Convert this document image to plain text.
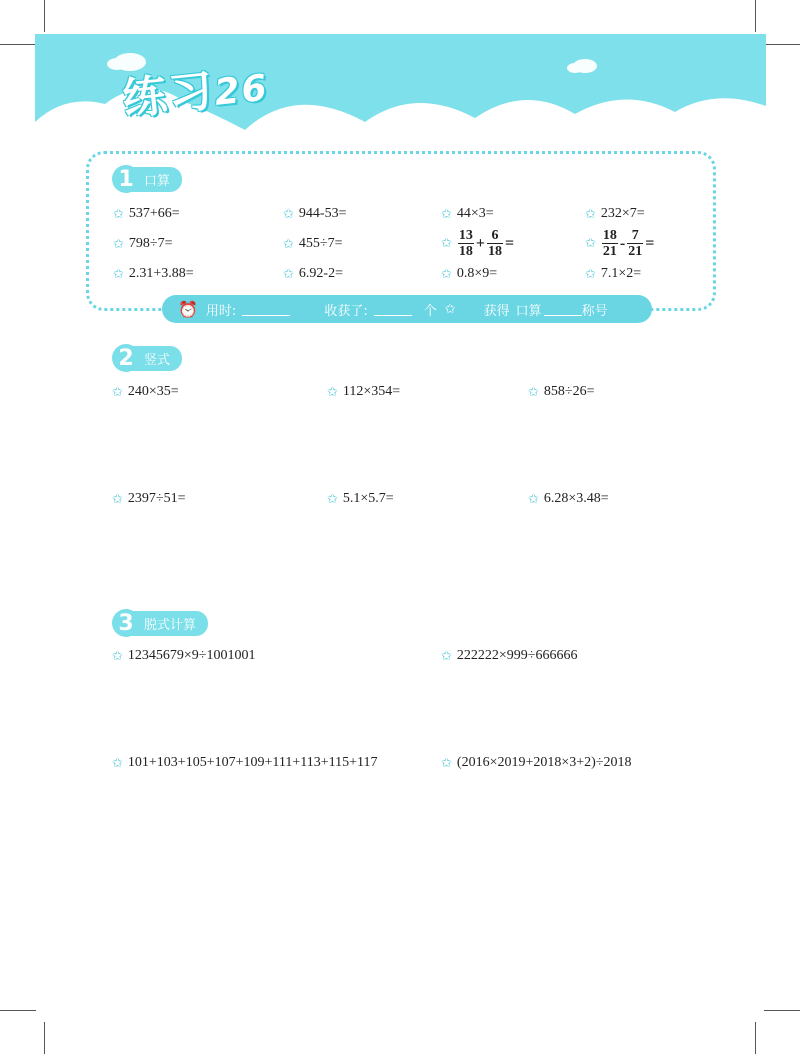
练习26
1 口算
✩ 537+66=	✩ 944-53=	✩ 44×3=	✩ 232×7=
✩ 798÷7=	✩ 455÷7=	✩ $\frac{13}{18} + \frac{6}{18}$ =	✩ $\frac{18}{21} - \frac{7}{21}$ =
✩ 2.31+3.88=	✩ 6.92-2=	✩ 0.8×9=	✩ 7.1×2=
⏰ 用时:	收获了:	个 ✩ 获得 口算	称号
2 竖式
✩ 240×35=	✩ 112×354=	✩ 858÷26=
✩ 2397÷51=	✩ 5.1×5.7=	✩ 6.28×3.48=
3 脱式计算
✩ 12345679×9÷1001001	✩ 222222×999÷666666
✩ 101+103+105+107+109+111+113+115+117	✩ (2016×2019+2018×3+2)÷2018
